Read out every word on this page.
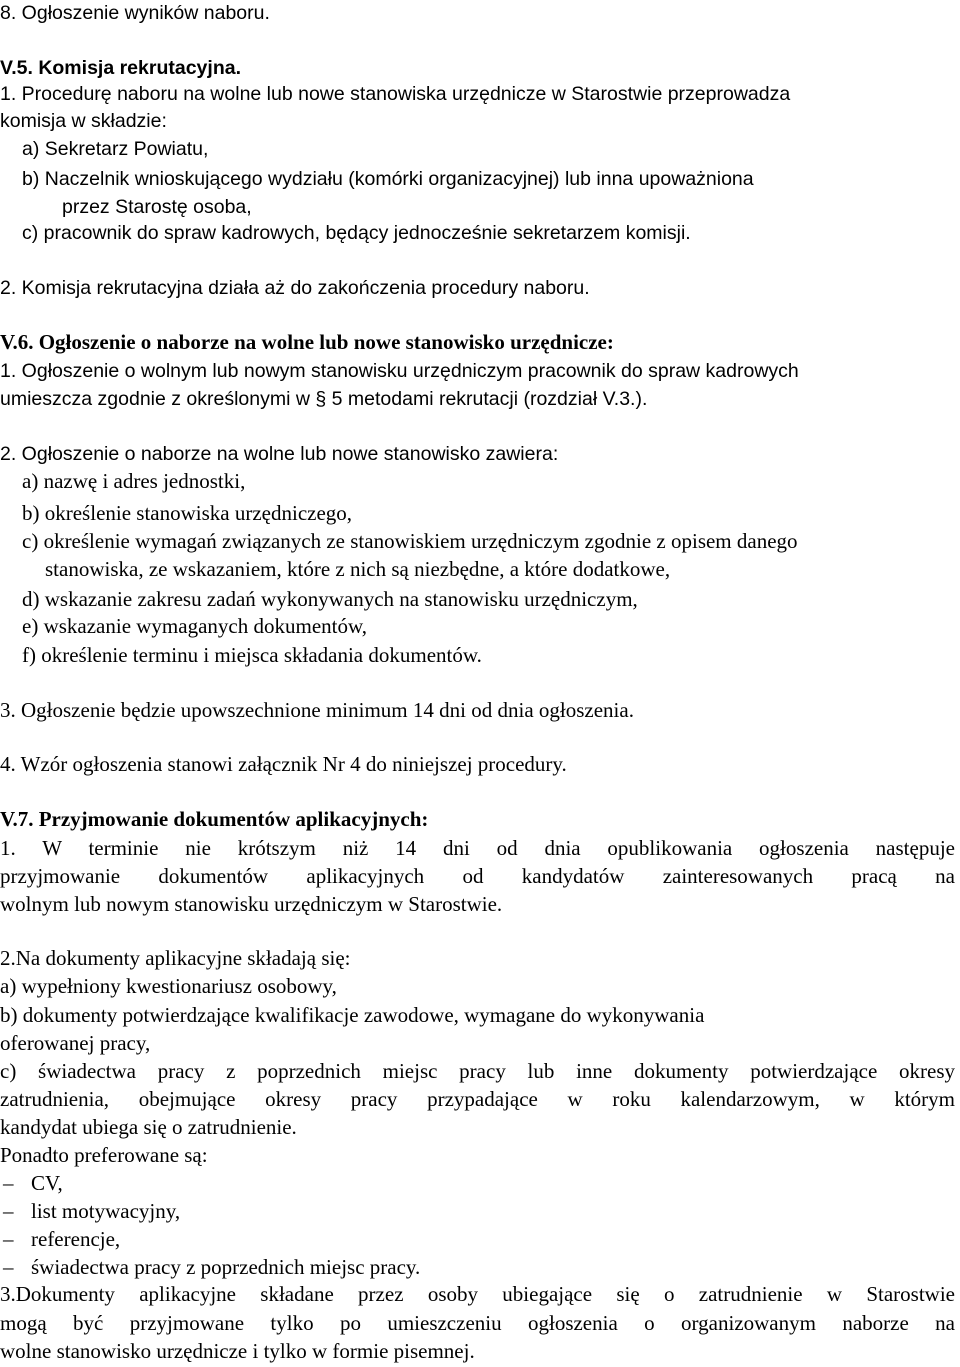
8. Ogłoszenie wyników naboru.
V.5. Komisja rekrutacyjna.
1. Procedurę naboru na wolne lub nowe stanowiska urzędnicze w Starostwie przeprowadza
komisja w składzie:
a) Sekretarz Powiatu,
b) Naczelnik wnioskującego wydziału (komórki organizacyjnej) lub inna upoważniona
przez Starostę osoba,
c) pracownik do spraw kadrowych, będący jednocześnie sekretarzem komisji.
2. Komisja rekrutacyjna działa aż do zakończenia procedury naboru.
V.6. Ogłoszenie o naborze na wolne lub nowe stanowisko urzędnicze:
1. Ogłoszenie o wolnym lub nowym stanowisku urzędniczym pracownik do spraw kadrowych
umieszcza zgodnie z określonymi w § 5 metodami rekrutacji (rozdział V.3.).
2. Ogłoszenie o naborze na wolne lub nowe stanowisko zawiera:
a) nazwę i adres jednostki,
b) określenie stanowiska urzędniczego,
c) określenie wymagań związanych ze stanowiskiem urzędniczym zgodnie z opisem danego
stanowiska, ze wskazaniem, które z nich są niezbędne, a które dodatkowe,
d) wskazanie zakresu zadań wykonywanych na stanowisku urzędniczym,
e) wskazanie wymaganych dokumentów,
f) określenie terminu i miejsca składania dokumentów.
3. Ogłoszenie będzie upowszechnione minimum 14 dni od dnia ogłoszenia.
4. Wzór ogłoszenia stanowi załącznik Nr 4 do niniejszej procedury.
V.7. Przyjmowanie dokumentów aplikacyjnych:
1. W terminie nie krótszym niż 14 dni od dnia opublikowania ogłoszenia następuje
przyjmowanie dokumentów aplikacyjnych od kandydatów zainteresowanych pracą na
wolnym lub nowym stanowisku urzędniczym w Starostwie.
2.Na dokumenty aplikacyjne składają się:
a) wypełniony kwestionariusz osobowy,
b) dokumenty potwierdzające kwalifikacje zawodowe, wymagane do wykonywania
oferowanej pracy,
c) świadectwa pracy z poprzednich miejsc pracy lub inne dokumenty potwierdzające okresy
zatrudnienia, obejmujące okresy pracy przypadające w roku kalendarzowym, w którym
kandydat ubiega się o zatrudnienie.
Ponadto preferowane są:
– CV,
– list motywacyjny,
– referencje,
– świadectwa pracy z poprzednich miejsc pracy.
3.Dokumenty aplikacyjne składane przez osoby ubiegające się o zatrudnienie w Starostwie
mogą być przyjmowane tylko po umieszczeniu ogłoszenia o organizowanym naborze na
wolne stanowisko urzędnicze i tylko w formie pisemnej.
